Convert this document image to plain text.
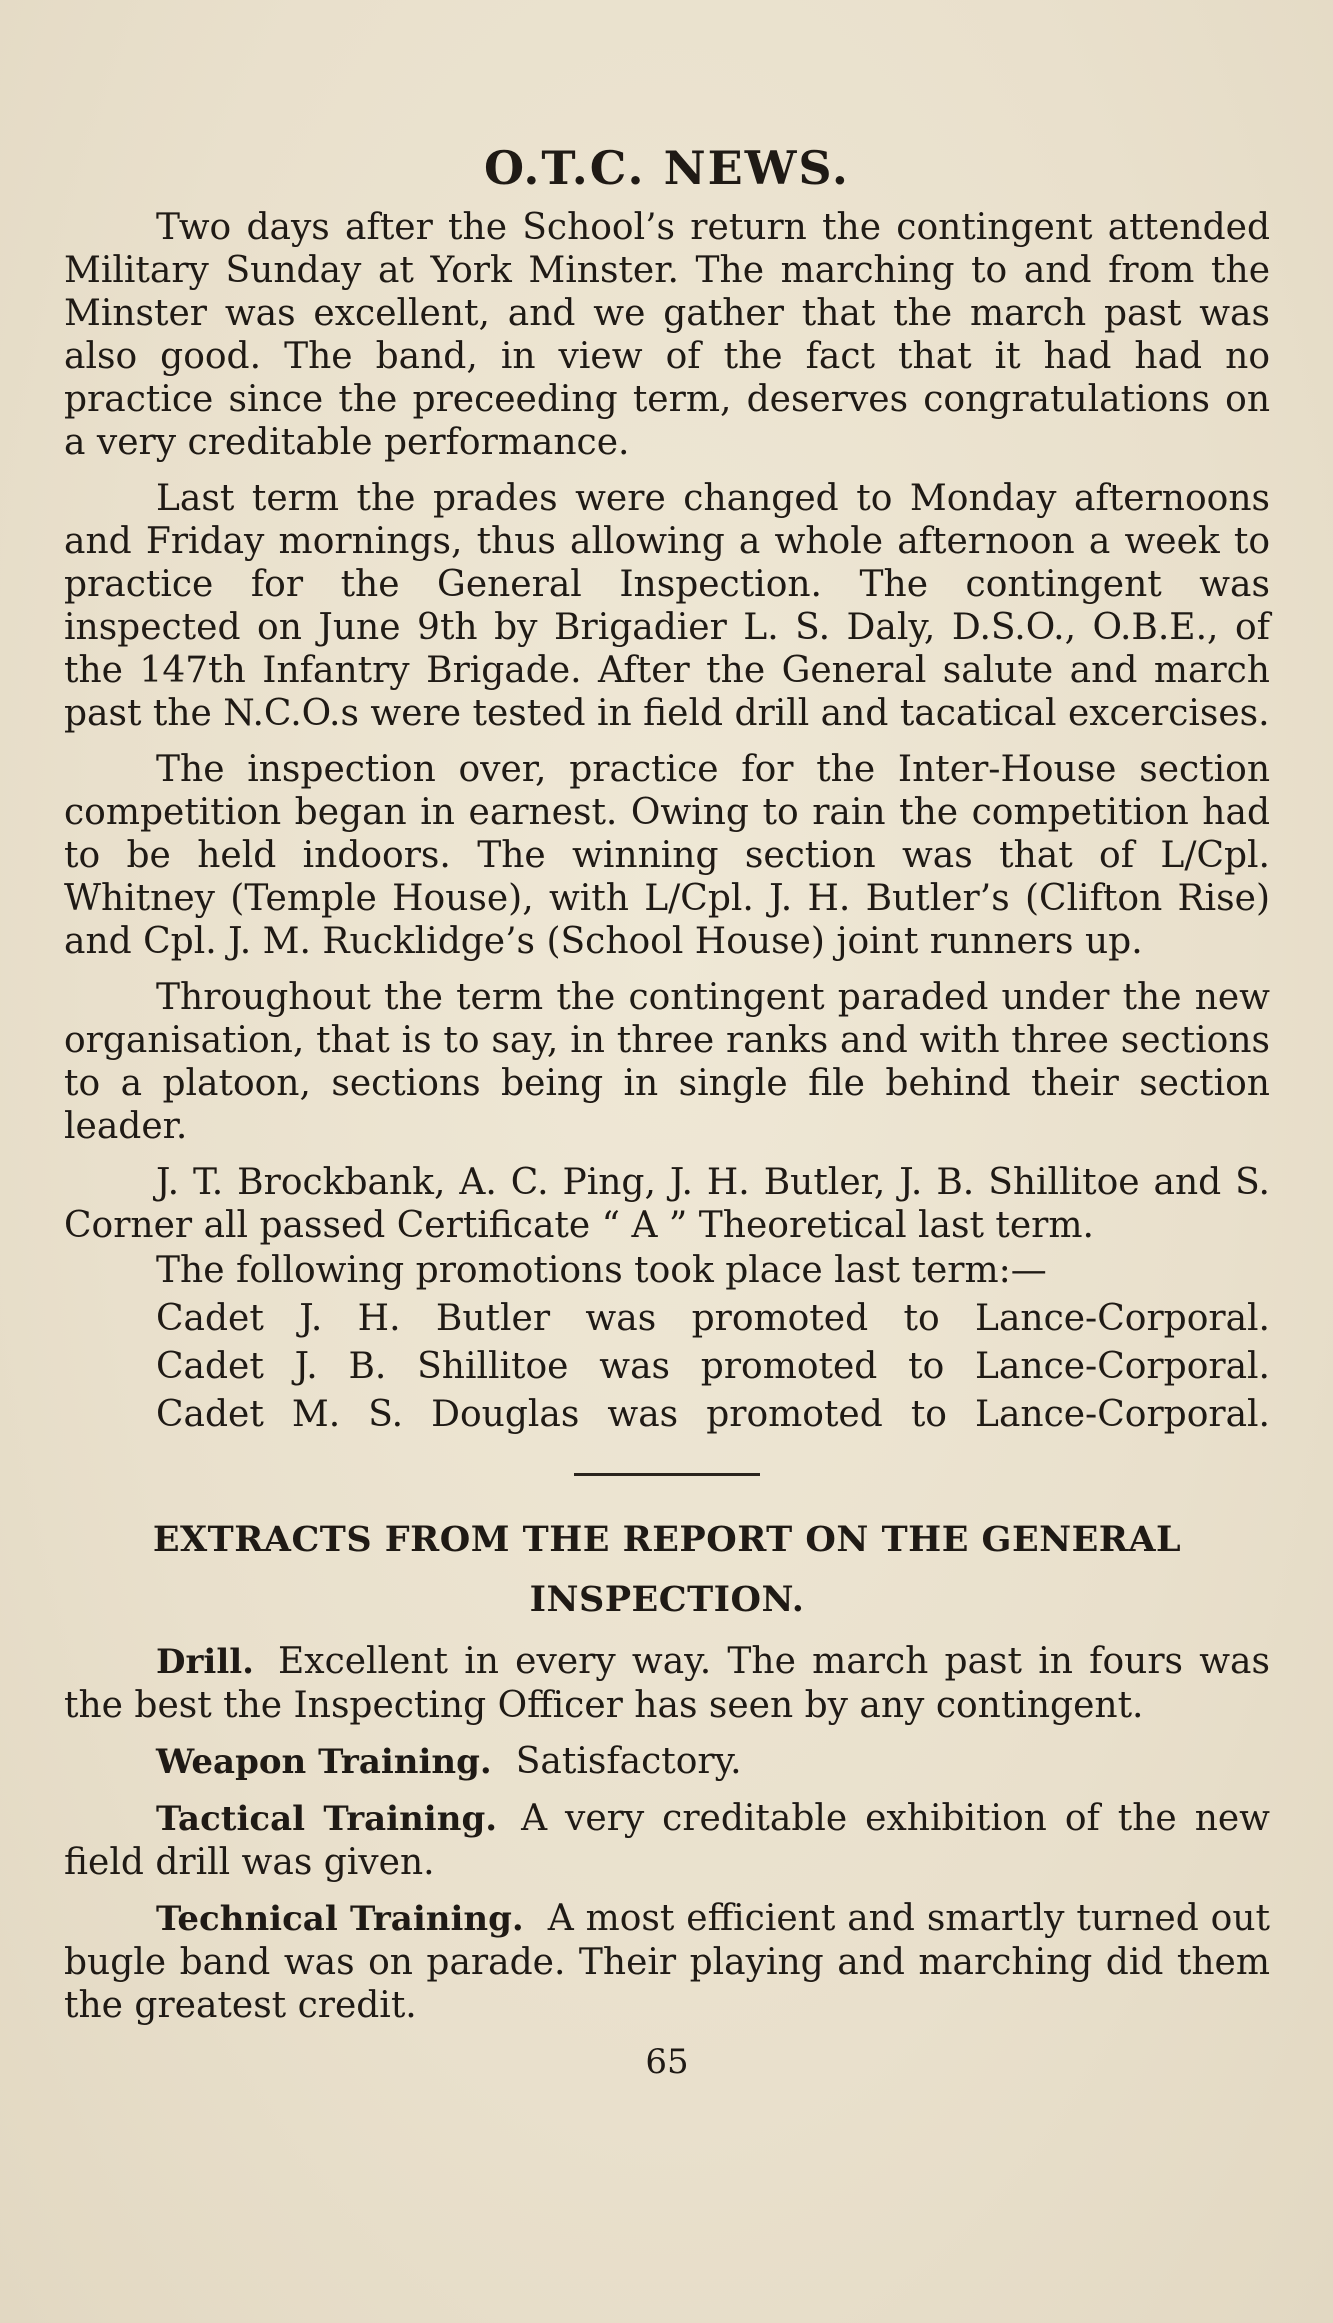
O.T.C. NEWS.

Two days after the School’s return the contingent attended Military Sunday at York Minster. The marching to and from the Minster was excellent, and we gather that the march past was also good. The band, in view of the fact that it had had no practice since the preceeding term, deserves congratulations on a very creditable performance.

Last term the prades were changed to Monday afternoons and Friday mornings, thus allowing a whole afternoon a week to practice for the General Inspection. The contingent was inspected on June 9th by Brigadier L. S. Daly, D.S.O., O.B.E., of the 147th Infantry Brigade. After the General salute and march past the N.C.O.s were tested in field drill and tacatical excercises.

The inspection over, practice for the Inter-House section competition began in earnest. Owing to rain the competition had to be held indoors. The winning section was that of L/Cpl. Whitney (Temple House), with L/Cpl. J. H. Butler’s (Clifton Rise) and Cpl. J. M. Rucklidge’s (School House) joint runners up.

Throughout the term the contingent paraded under the new organisation, that is to say, in three ranks and with three sections to a platoon, sections being in single file behind their section leader.

J. T. Brockbank, A. C. Ping, J. H. Butler, J. B. Shillitoe and S. Corner all passed Certificate “ A ” Theoretical last term.

The following promotions took place last term:—

Cadet J. H. Butler was promoted to Lance-Corporal.

Cadet J. B. Shillitoe was promoted to Lance-Corporal.

Cadet M. S. Douglas was promoted to Lance-Corporal.

EXTRACTS FROM THE REPORT ON THE GENERAL
INSPECTION.

Drill. Excellent in every way. The march past in fours was the best the Inspecting Officer has seen by any contingent.

Weapon Training. Satisfactory.

Tactical Training. A very creditable exhibition of the new field drill was given.

Technical Training. A most efficient and smartly turned out bugle band was on parade. Their playing and marching did them the greatest credit.

65
